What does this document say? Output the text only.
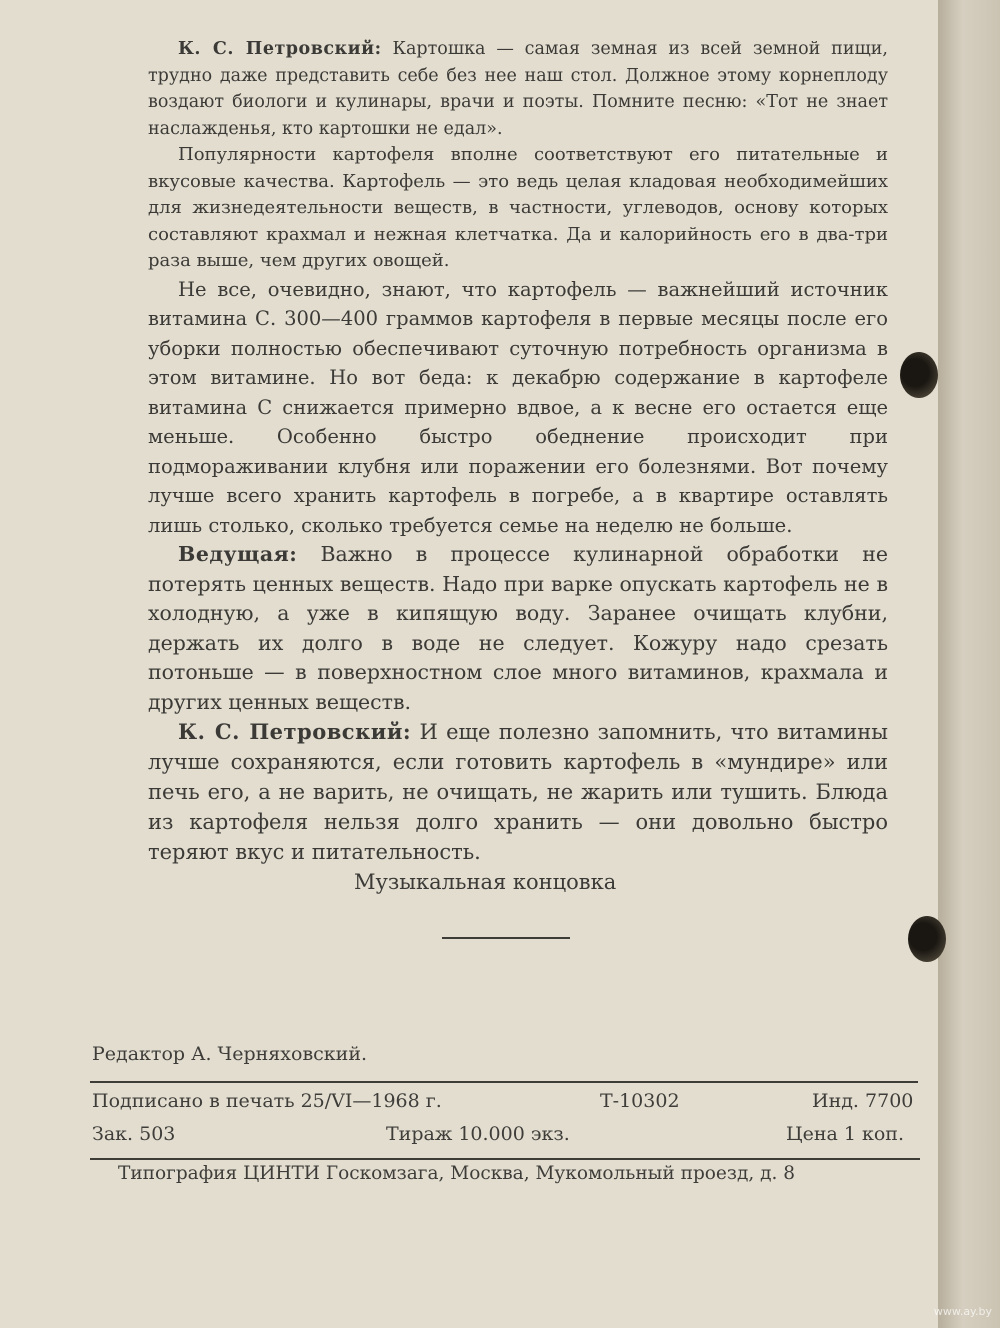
К. С. Петровский: Картошка — самая земная из всей земной пищи, трудно даже представить себе без нее наш стол. Должное этому корнеплоду воздают биологи и кулинары, врачи и поэты. Помните песню: «Тот не знает наслажденья, кто картошки не едал».

Популярности картофеля вполне соответствуют его питательные и вкусовые качества. Картофель — это ведь целая кладовая необходимейших для жизнедеятельности веществ, в частности, углеводов, основу которых составляют крахмал и нежная клетчатка. Да и калорийность его в два-три раза выше, чем других овощей.

Не все, очевидно, знают, что картофель — важнейший источник витамина С. 300—400 граммов картофеля в первые месяцы после его уборки полностью обеспечивают суточную потребность организма в этом витамине. Но вот беда: к декабрю содержание в картофеле витамина С снижается примерно вдвое, а к весне его остается еще меньше. Особенно быстро обеднение происходит при подмораживании клубня или поражении его болезнями. Вот почему лучше всего хранить картофель в погребе, а в квартире оставлять лишь столько, сколько требуется семье на неделю не больше.

Ведущая: Важно в процессе кулинарной обработки не потерять ценных веществ. Надо при варке опускать картофель не в холодную, а уже в кипящую воду. Заранее очищать клубни, держать их долго в воде не следует. Кожуру надо срезать потоньше — в поверхностном слое много витаминов, крахмала и других ценных веществ.

К. С. Петровский: И еще полезно запомнить, что витамины лучше сохраняются, если готовить картофель в «мундире» или печь его, а не варить, не очищать, не жарить или тушить. Блюда из картофеля нельзя долго хранить — они довольно быстро теряют вкус и питательность.

Музыкальная концовка
Редактор А. Черняховский.
Подписано в печать 25/VI—1968 г.	Т-10302	Инд. 7700
Зак. 503	Тираж 10.000 экз.	Цена 1 коп.
Типография ЦИНТИ Госкомзага, Москва, Мукомольный проезд, д. 8
www.ay.by
